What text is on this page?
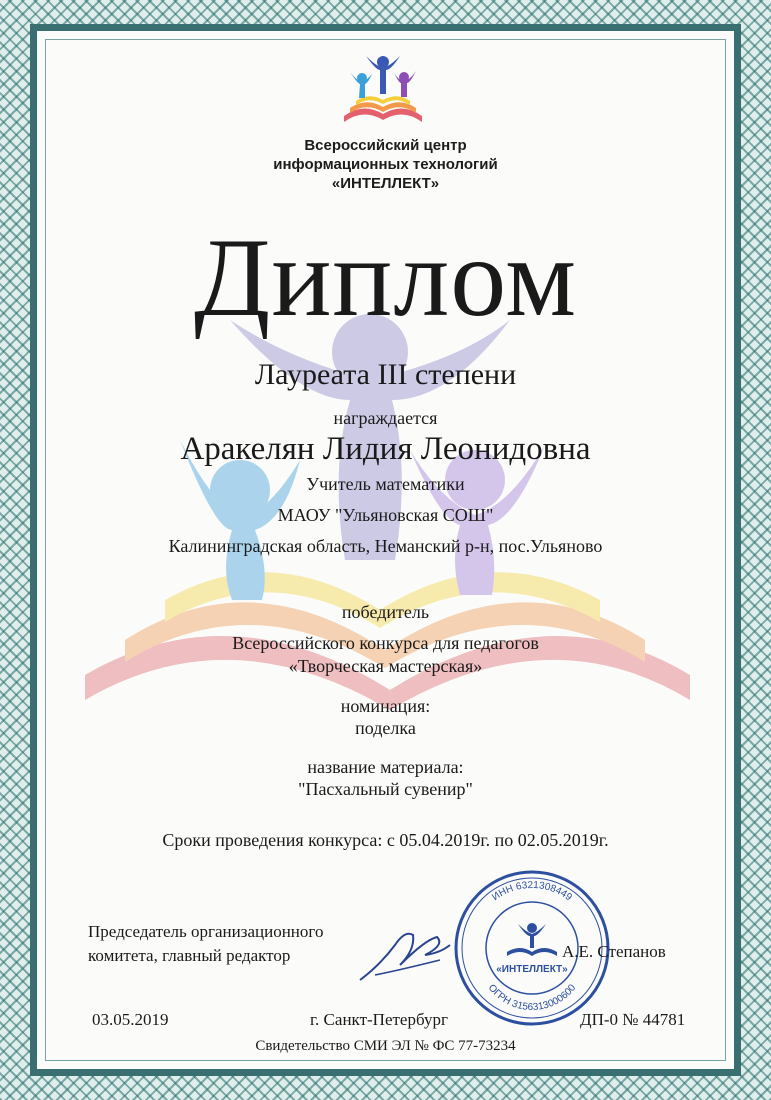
Всероссийский центр
информационных технологий
«ИНТЕЛЛЕКТ»
Диплом
Лауреата III степени
награждается
Аракелян Лидия Леонидовна
Учитель математики
МАОУ "Ульяновская СОШ"
Калининградская область, Неманский р-н, пос.Ульяново
победитель
Всероссийского конкурса для педагогов
«Творческая мастерская»
номинация:
поделка
название материала:
"Пасхальный сувенир"
Сроки проведения конкурса: с 05.04.2019г. по 02.05.2019г.
Председатель организационного
комитета, главный редактор
ИНН 6321308449
ОГРН 3156313000600
«ИНТЕЛЛЕКТ»
А.Е. Степанов
03.05.2019	г. Санкт-Петербург	ДП-0 № 44781
Свидетельство СМИ ЭЛ № ФС 77-73234
